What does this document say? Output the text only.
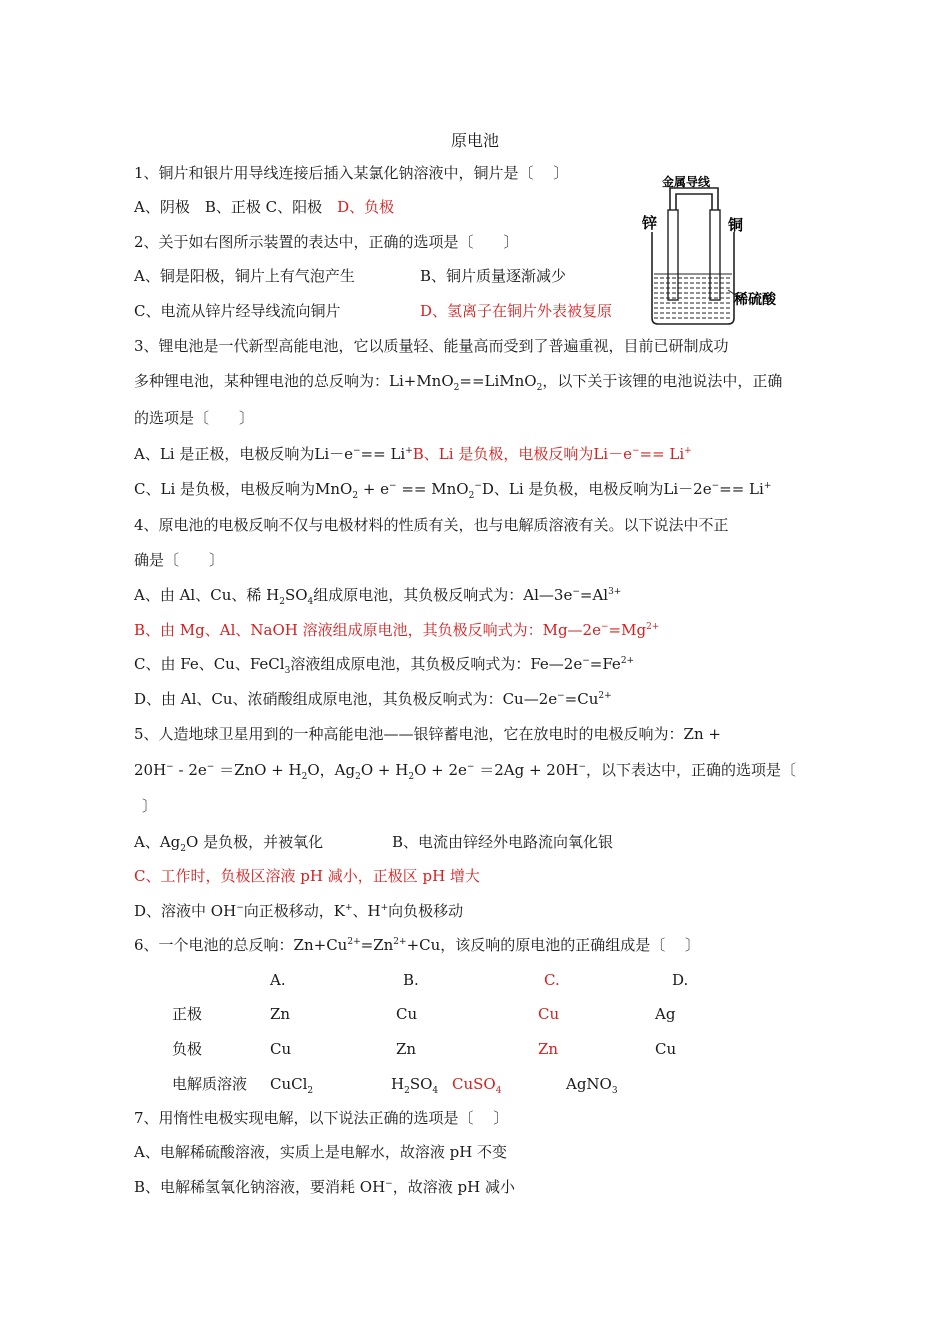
原电池
金属导线
锌	铜
稀硫酸
1、铜片和银片用导线连接后插入某氯化钠溶液中，铜片是〔　 〕
A、阴极　B、正极 C、阳极　 D、负极
2、关于如右图所示装置的表达中，正确的选项是〔　　〕
A、铜是阳极，铜片上有气泡产生	B、铜片质量逐渐减少
C、电流从锌片经导线流向铜片	D、氢离子在铜片外表被复原
3、锂电池是一代新型高能电池，它以质量轻、能量高而受到了普遍重视，目前已研制成功
多种锂电池，某种锂电池的总反响为：Li+MnO$_2$==LiMnO$_2$，以下关于该锂的电池说法中，正确
的选项是〔　　〕
A、Li 是正极，电极反响为Li－e−== Li+B、Li 是负极，电极反响为Li－e−== Li+
C、Li 是负极，电极反响为MnO$_2$ + e− == MnO$_2$−D、Li 是负极，电极反响为Li－2e−== Li+
4、原电池的电极反响不仅与电极材料的性质有关，也与电解质溶液有关。以下说法中不正
确是〔　　〕
A、由 Al、Cu、稀 $H_2SO_4$组成原电池，其负极反响式为：$Al—3e^-=Al^{3+}$
B、由 Mg、Al、NaOH 溶液组成原电池，其负极反响式为：$Mg—2e^-=Mg^{2+}$
C、由 Fe、Cu、FeCl$_3$溶液组成原电池，其负极反响式为：$Fe—2e^-=Fe^{2+}$
D、由 Al、Cu、浓硝酸组成原电池，其负极反响式为：$Cu—2e^-=Cu^{2+}$
5、人造地球卫星用到的一种高能电池——银锌蓄电池，它在放电时的电极反响为：Zn +
$20H^- - 2e^- =ZnO + H_2O$，$Ag_2O + H_2O + 2e^- =2Ag + 20H^-$，以下表达中，正确的选项是〔
〕
A、$Ag_2O$ 是负极，并被氧化	B、电流由锌经外电路流向氧化银
C、工作时，负极区溶液 pH 减小，正极区 pH 增大
D、溶液中 OH−向正极移动，K+、H+向负极移动
6、一个电池的总反响：$Zn+Cu^{2+}=Zn^{2+}+Cu$，该反响的原电池的正确组成是〔　 〕
A.	B.	C.	D.
正极	Zn	Cu	Cu	Ag
负极	Cu	Zn	Zn	Cu
电解质溶液 CuCl$_2$	$H_2SO_4$ CuSO$_4$	AgNO$_3$
7、用惰性电极实现电解，以下说法正确的选项是〔　 〕
A、电解稀硫酸溶液，实质上是电解水，故溶液 pH 不变
B、电解稀氢氧化钠溶液，要消耗 OH−，故溶液 pH 减小
